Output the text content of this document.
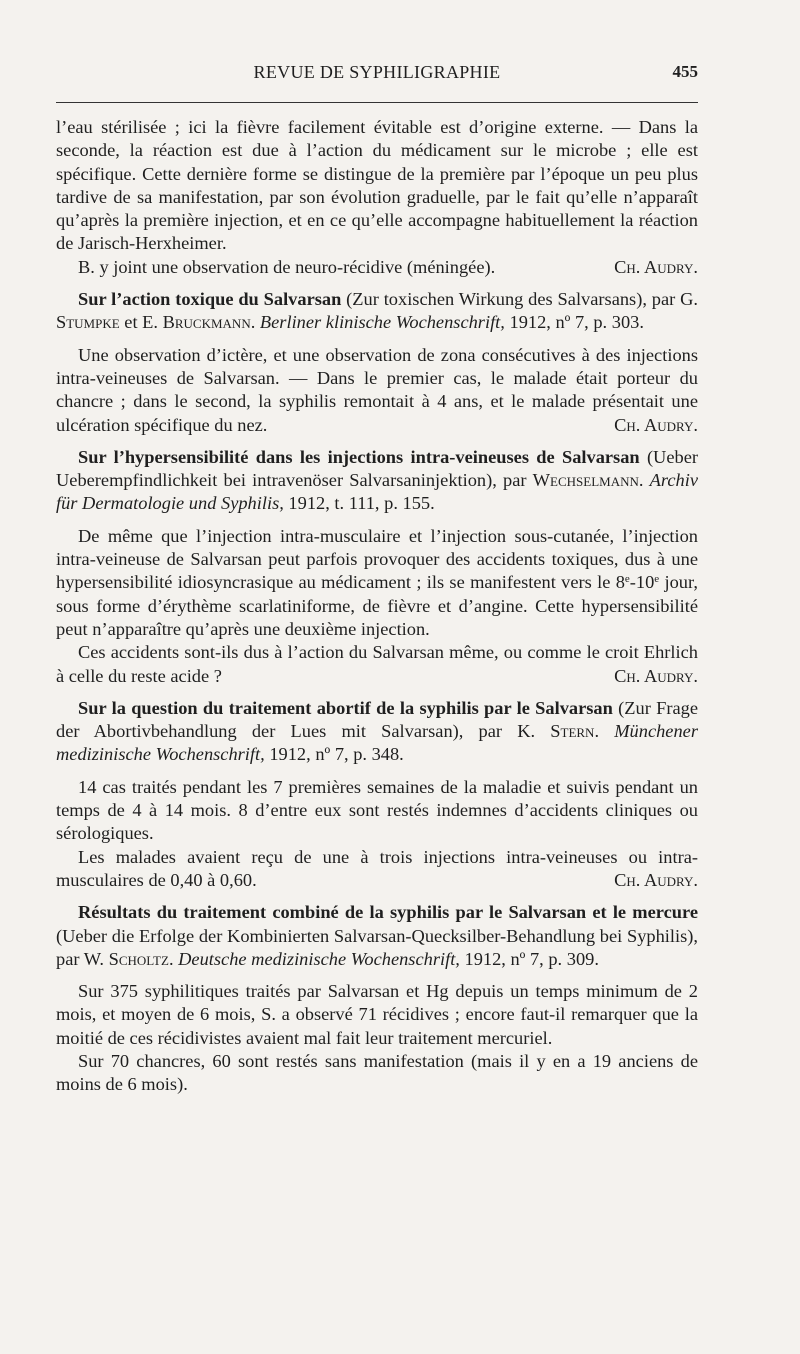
REVUE DE SYPHILIGRAPHIE	455

l’eau stérilisée ; ici la fièvre facilement évitable est d’origine externe. — Dans la seconde, la réaction est due à l’action du médicament sur le microbe ; elle est spécifique. Cette dernière forme se distingue de la première par l’époque un peu plus tardive de sa manifestation, par son évolution graduelle, par le fait qu’elle n’apparaît qu’après la première injection, et en ce qu’elle accompagne habituellement la réaction de Jarisch-Herxheimer.

B. y joint une observation de neuro-récidive (méningée).	Ch. Audry.

Sur l’action toxique du Salvarsan (Zur toxischen Wirkung des Salvarsans), par G. Stumpke et E. Bruckmann. Berliner klinische Wochenschrift, 1912, nº 7, p. 303.

Une observation d’ictère, et une observation de zona consécutives à des injections intra-veineuses de Salvarsan. — Dans le premier cas, le malade était porteur du chancre ; dans le second, la syphilis remontait à 4 ans, et le malade présentait une ulcération spécifique du nez.	Ch. Audry.

Sur l’hypersensibilité dans les injections intra-veineuses de Salvarsan (Ueber Ueberempfindlichkeit bei intravenöser Salvarsaninjektion), par Wechselmann. Archiv für Dermatologie und Syphilis, 1912, t. 111, p. 155.

De même que l’injection intra-musculaire et l’injection sous-cutanée, l’injection intra-veineuse de Salvarsan peut parfois provoquer des accidents toxiques, dus à une hypersensibilité idiosyncrasique au médicament ; ils se manifestent vers le 8e-10e jour, sous forme d’érythème scarlatiniforme, de fièvre et d’angine. Cette hypersensibilité peut n’apparaître qu’après une deuxième injection.

Ces accidents sont-ils dus à l’action du Salvarsan même, ou comme le croit Ehrlich à celle du reste acide ?	Ch. Audry.

Sur la question du traitement abortif de la syphilis par le Salvarsan (Zur Frage der Abortivbehandlung der Lues mit Salvarsan), par K. Stern. Münchener medizinische Wochenschrift, 1912, nº 7, p. 348.

14 cas traités pendant les 7 premières semaines de la maladie et suivis pendant un temps de 4 à 14 mois. 8 d’entre eux sont restés indemnes d’accidents cliniques ou sérologiques.

Les malades avaient reçu de une à trois injections intra-veineuses ou intra-musculaires de 0,40 à 0,60.	Ch. Audry.

Résultats du traitement combiné de la syphilis par le Salvarsan et le mercure (Ueber die Erfolge der Kombinierten Salvarsan-Quecksilber-Behandlung bei Syphilis), par W. Scholtz. Deutsche medizinische Wochenschrift, 1912, nº 7, p. 309.

Sur 375 syphilitiques traités par Salvarsan et Hg depuis un temps minimum de 2 mois, et moyen de 6 mois, S. a observé 71 récidives ; encore faut-il remarquer que la moitié de ces récidivistes avaient mal fait leur traitement mercuriel.

Sur 70 chancres, 60 sont restés sans manifestation (mais il y en a 19 anciens de moins de 6 mois).
